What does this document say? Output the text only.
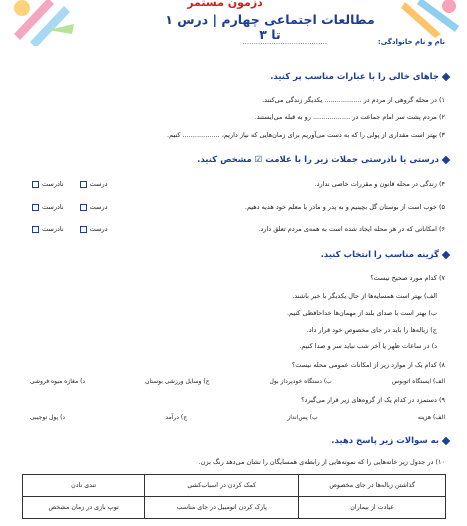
دزمون مستمر
مطالعات اجتماعی چهارم | درس ۱ تا ۳	نام و نام خانوادگی:
......................................
جاهای خالی را با عبارات مناسب پر کنید.
۱) در محله گروهی از مردم در .................. یکدیگر زندگی می‌کنند.
۲) مردم پشت سر امام جماعت در .................. رو به قبله می‌ایستند.
۳) بهتر است مقداری از پولی را که به دست می‌آوریم برای زمان‌هایی که نیاز داریم، .................. کنیم.
درستی یا نادرستی جملات زیر را با علامت ☑ مشخص کنید.
۴) زندگی در محله قانون و مقررات خاصی ندارد.
درست
نادرست
۵) خوب است از بوستان گل بچینیم و به پدر و مادر یا معلم خود هدیه دهیم.
درست
نادرست
۶) امکاناتی که در هر محله ایجاد شده است به همه‌ی مردم تعلق دارد.
درست
نادرست
گزینه مناسب را انتخاب کنید.
۷) کدام مورد صحیح نیست؟
الف) بهتر است همسایه‌ها از حال یکدیگر با خبر باشند.
ب) بهتر است با صدای بلند از مهمان‌ها خداحافظی کنیم.
ج) زباله‌ها را باید در جای مخصوص خود قرار داد.
د) در ساعات ظهر یا آخر شب نباید سر و صدا کنیم.
۸) کدام یک از موارد زیر از امکانات عمومی محله نیست؟
الف) ایستگاه اتوبوس
ب) دستگاه خودپرداز بول
ج) وسایل ورزشی بوستان
د) مغازه میوه فروشی
۹) دستمزد در کدام یک از گروه‌های زیر قرار می‌گیرد؟
الف) هزینه
ب) پس‌انداز
ج) درآمد
د) پول توجیبی
به سوالات زیر پاسخ دهید.
۱۰) در جدول زیر خانه‌هایی را که نمونه‌هایی از رابطه‌ی همسایگان را نشان می‌دهد رنگ بزن.
گذاشتن زباله‌ها در جای مخصوص	کمک کردن در اسباب‌کشی	تندی نادن
عیادت از بیماران	پارک کردن اتومبیل در جای مناسب	توپ بازی در زمان مشخص
